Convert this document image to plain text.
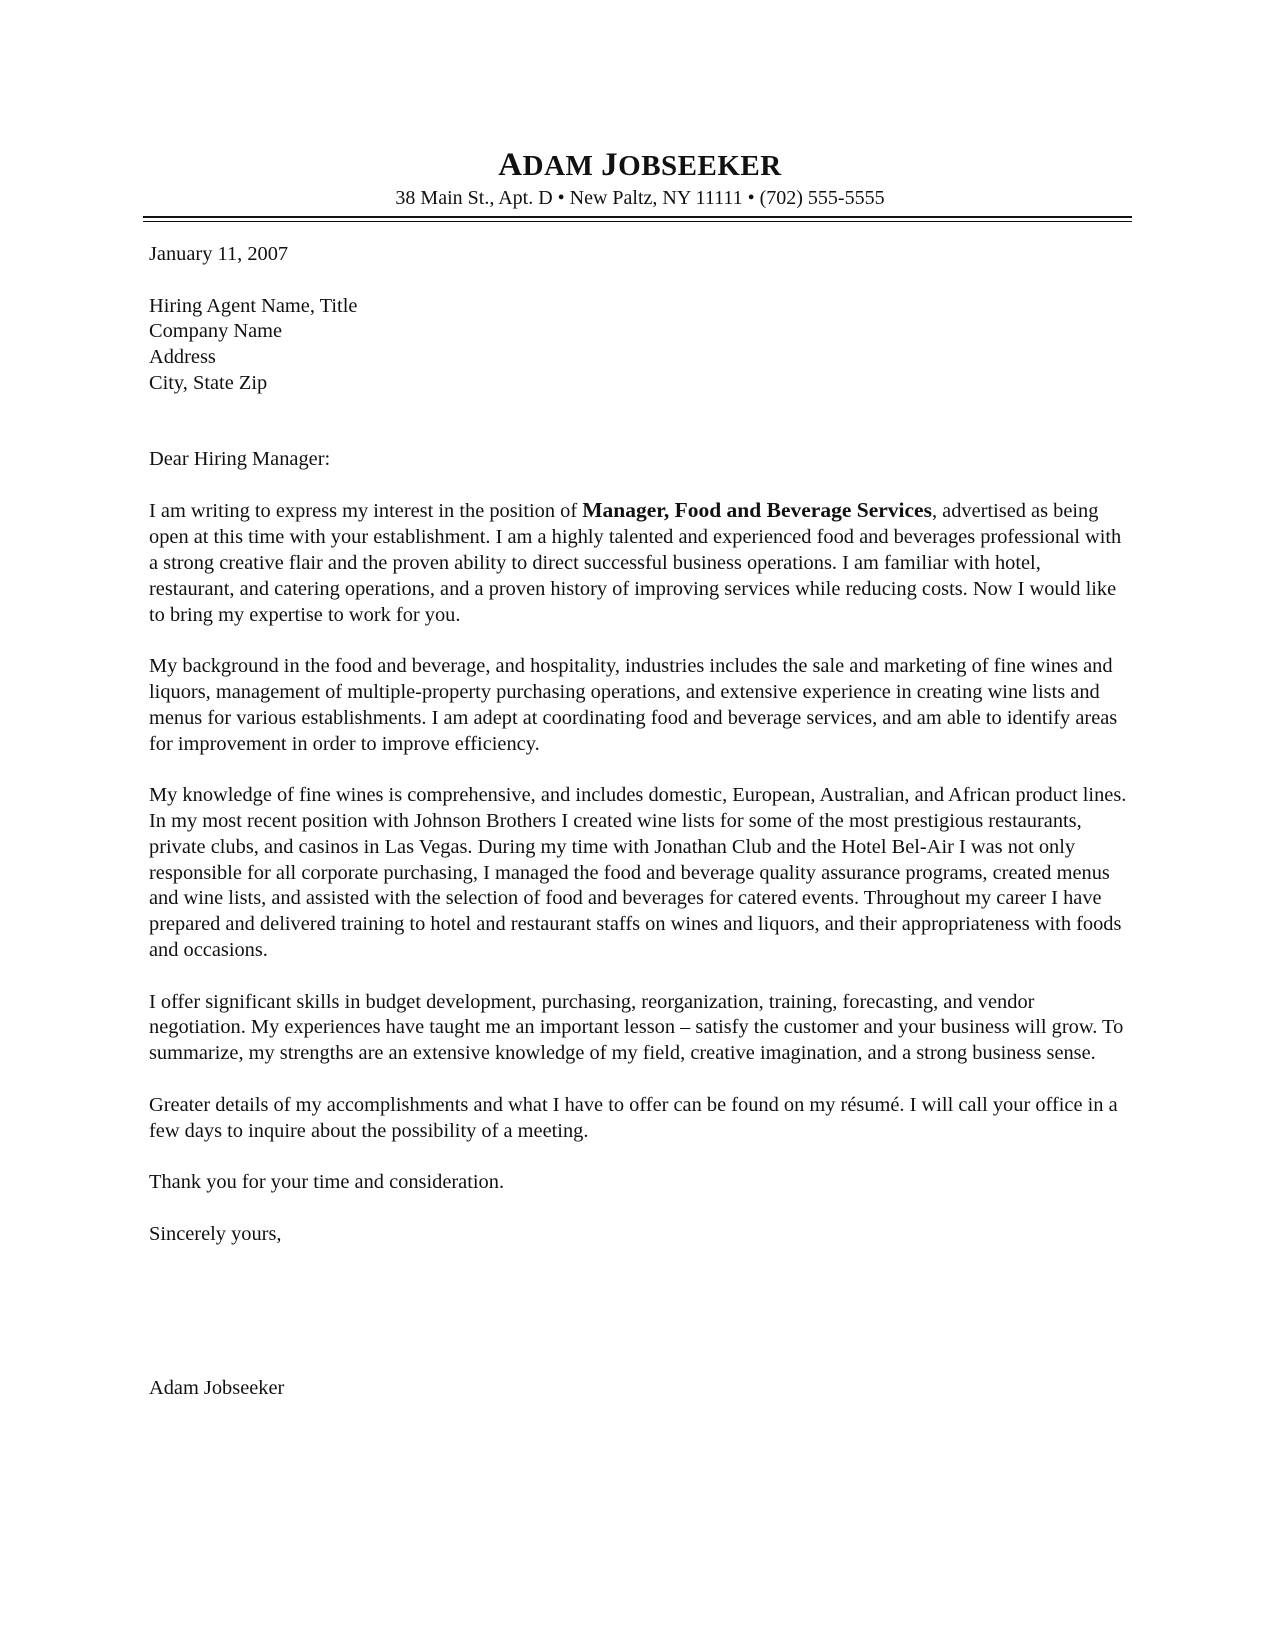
ADAM JOBSEEKER
38 Main St., Apt. D • New Paltz, NY 11111 • (702) 555-5555

January 11, 2007

Hiring Agent Name, Title
Company Name
Address
City, State Zip

Dear Hiring Manager:

I am writing to express my interest in the position of Manager, Food and Beverage Services, advertised as being open at this time with your establishment. I am a highly talented and experienced food and beverages professional with a strong creative flair and the proven ability to direct successful business operations. I am familiar with hotel, restaurant, and catering operations, and a proven history of improving services while reducing costs. Now I would like to bring my expertise to work for you.

My background in the food and beverage, and hospitality, industries includes the sale and marketing of fine wines and liquors, management of multiple-property purchasing operations, and extensive experience in creating wine lists and menus for various establishments. I am adept at coordinating food and beverage services, and am able to identify areas for improvement in order to improve efficiency.

My knowledge of fine wines is comprehensive, and includes domestic, European, Australian, and African product lines. In my most recent position with Johnson Brothers I created wine lists for some of the most prestigious restaurants, private clubs, and casinos in Las Vegas. During my time with Jonathan Club and the Hotel Bel-Air I was not only responsible for all corporate purchasing, I managed the food and beverage quality assurance programs, created menus and wine lists, and assisted with the selection of food and beverages for catered events. Throughout my career I have prepared and delivered training to hotel and restaurant staffs on wines and liquors, and their appropriateness with foods and occasions.

I offer significant skills in budget development, purchasing, reorganization, training, forecasting, and vendor negotiation. My experiences have taught me an important lesson – satisfy the customer and your business will grow. To summarize, my strengths are an extensive knowledge of my field, creative imagination, and a strong business sense.

Greater details of my accomplishments and what I have to offer can be found on my résumé. I will call your office in a few days to inquire about the possibility of a meeting.

Thank you for your time and consideration.

Sincerely yours,

Adam Jobseeker
